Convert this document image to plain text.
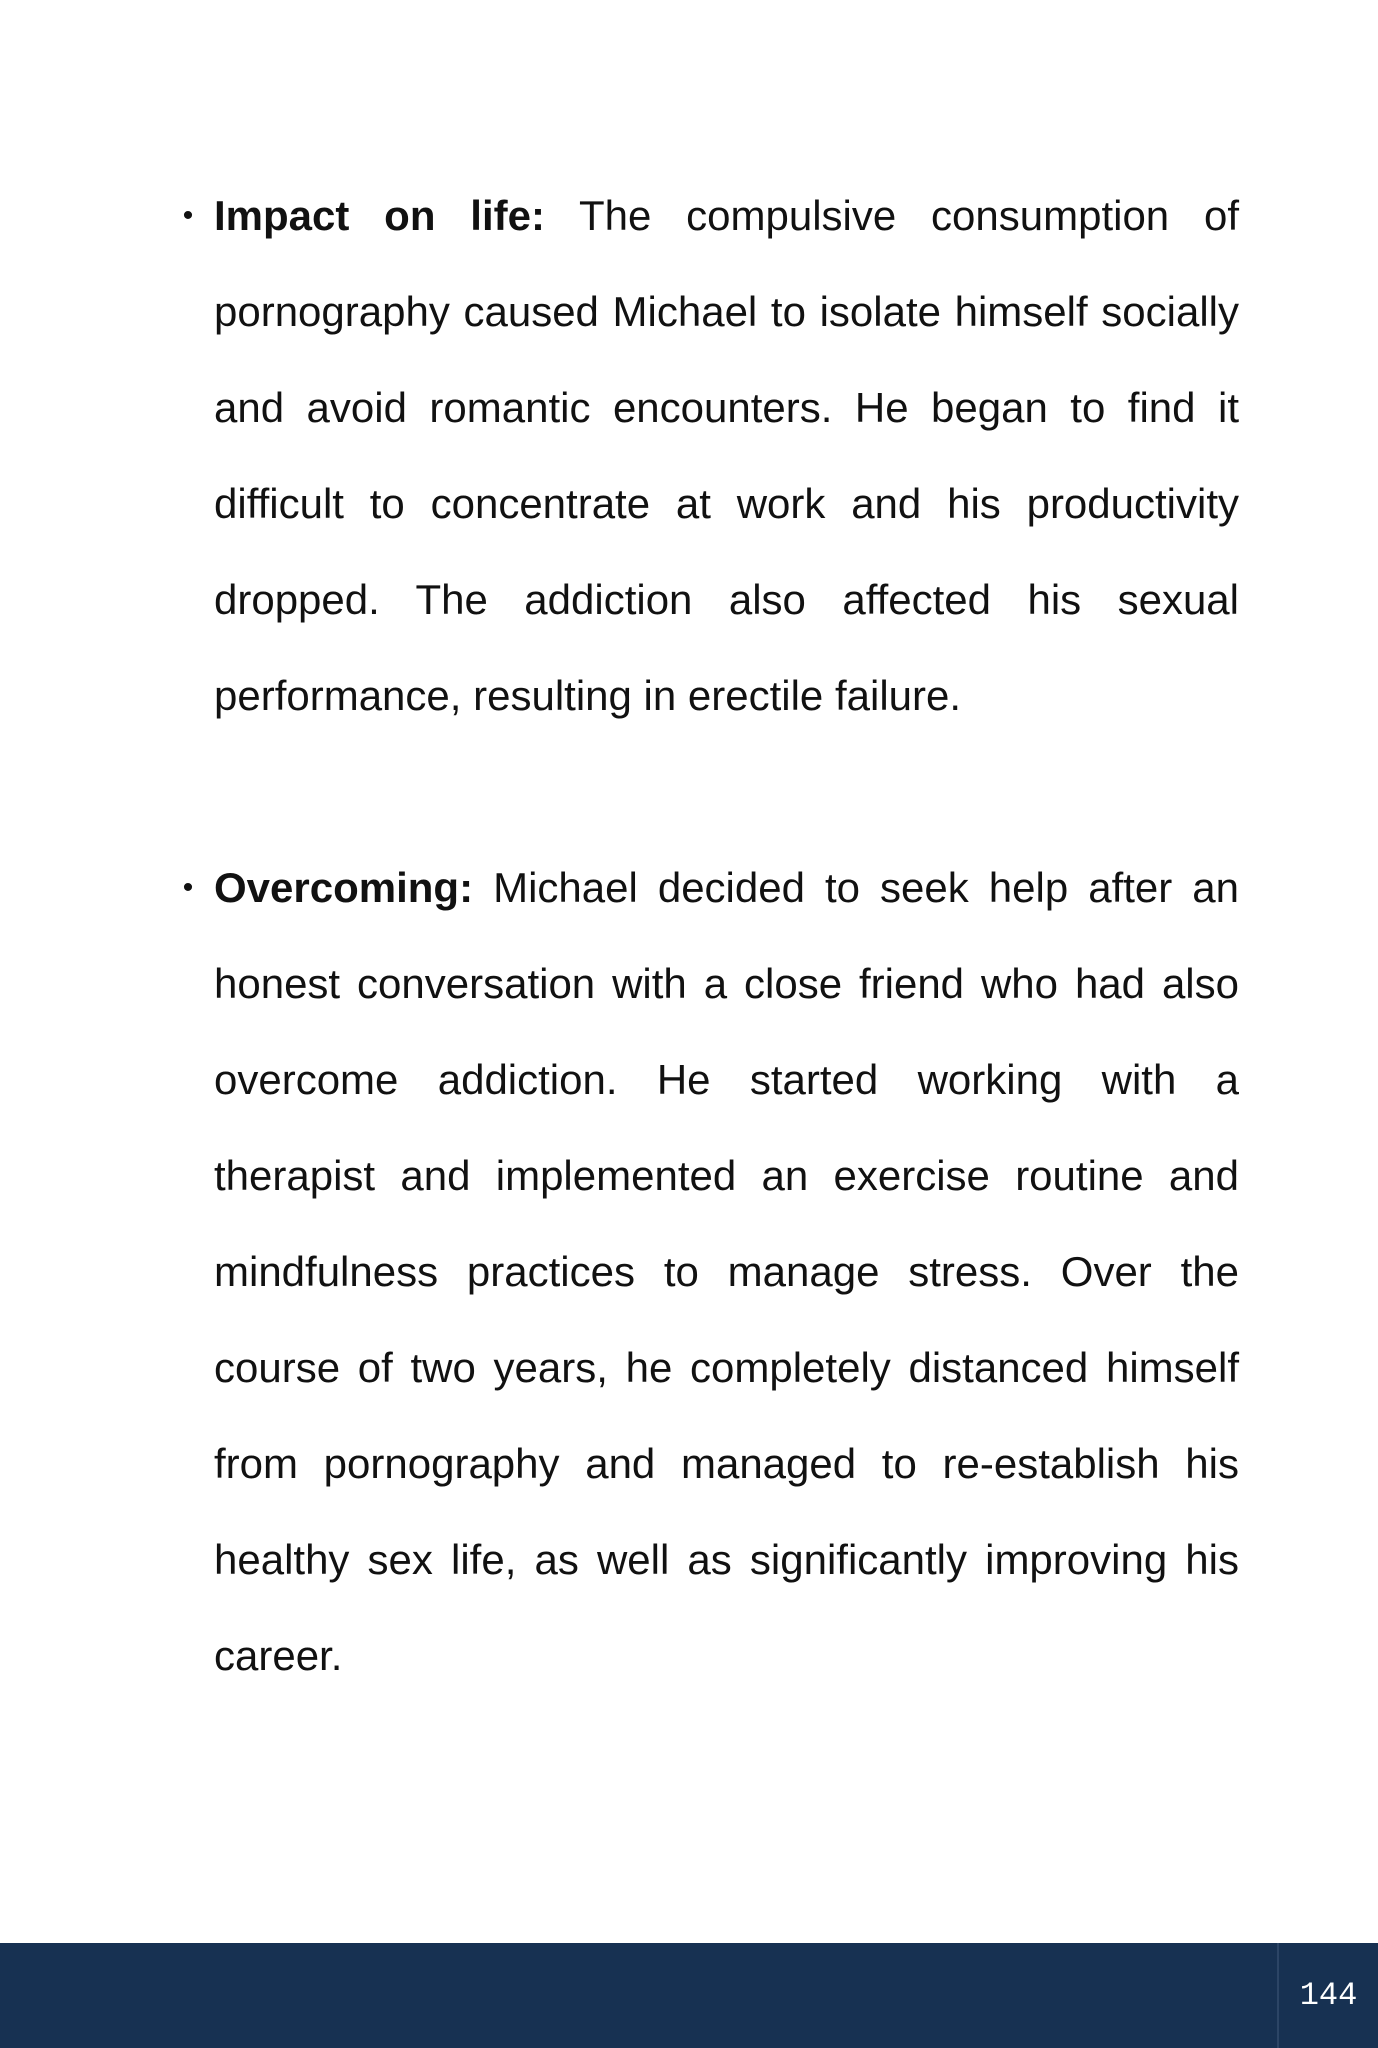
• Impact on life: The compulsive consumption of pornography caused Michael to isolate himself socially and avoid romantic encounters. He began to find it difficult to concentrate at work and his productivity dropped. The addiction also affected his sexual performance, resulting in erectile failure.
• Overcoming: Michael decided to seek help after an honest conversation with a close friend who had also overcome addiction. He started working with a therapist and implemented an exercise routine and mindfulness practices to manage stress. Over the course of two years, he completely distanced himself from pornography and managed to re-establish his healthy sex life, as well as significantly improving his career.
144
